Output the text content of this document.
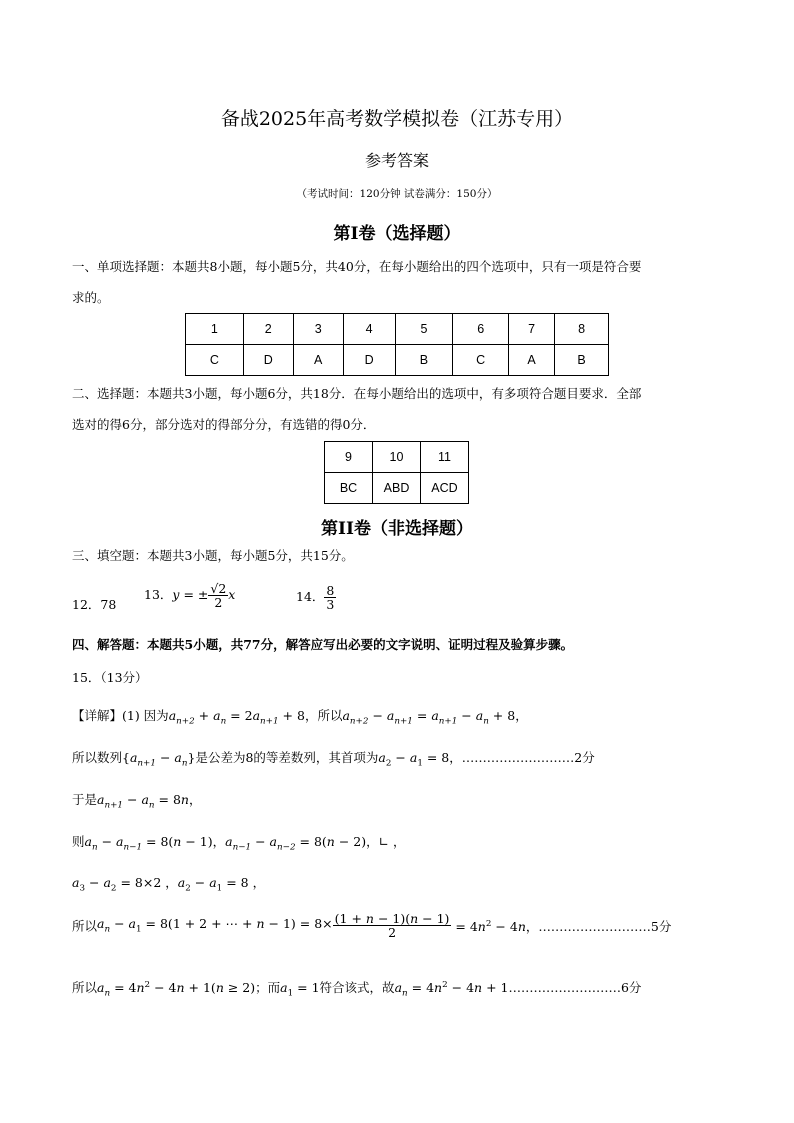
备战2025年高考数学模拟卷（江苏专用）
参考答案
（考试时间：120分钟 试卷满分：150分）
第I卷（选择题）
一、单项选择题：本题共8小题，每小题5分，共40分，在每小题给出的四个选项中，只有一项是符合要
求的。
1	2	3	4	5	6	7	8
C	D	A	D	B	C	A	B
二、选择题：本题共3小题，每小题6分，共18分．在每小题给出的选项中，有多项符合题目要求．全部
选对的得6分，部分选对的得部分分，有选错的得0分．
9	10	11
BC	ABD	ACD
第II卷（非选择题）
三、填空题：本题共3小题，每小题5分，共15分。
12．78
13．y = ± $\frac{√2}{2}$ x	14． $\frac{8}{3}$
四、解答题：本题共5小题，共77分，解答应写出必要的文字说明、证明过程及验算步骤。
15．（13分）
【详解】(1) 因为$a_{n+2} + a_n = 2a_{n+1} + 8$，所以$a_{n+2} - a_{n+1} = a_{n+1} - a_n + 8$，
所以数列$\{a_{n+1} - a_n\}$是公差为8的等差数列，其首项为$a_2 - a_1 = 8$，………………………2分
于是$a_{n+1} - a_n = 8n$，
则$a_n - a_{n-1} = 8(n - 1)$，$a_{n-1} - a_{n-2} = 8(n - 2)$，∟ ，
$a_3 - a_2 = 8\times 2$ ，$a_2 - a_1 = 8$ ，
所以$a_n - a_1 = 8(1 + 2$ + ⋯ + $n - 1) = 8\times \frac{(1 + n - 1)(n - 1)}{2} = 4n^2 - 4n$，………………………5分
所以$a_n = 4n^2 - 4n + 1(n \ge 2)$；而$a_1 = 1$符合该式，故$a_n = 4n^2 - 4n$ + 1………………………6分
